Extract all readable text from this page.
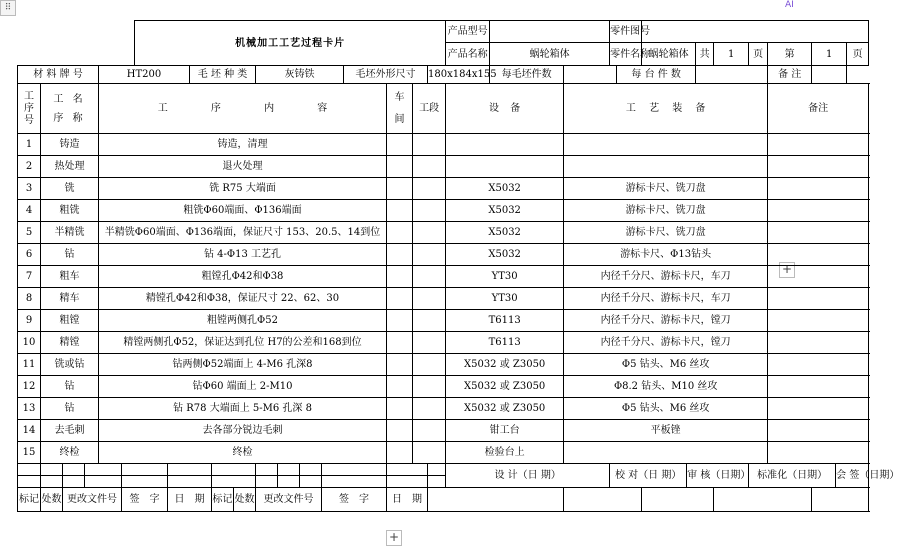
⠿	AI
+
+
						机械加工工艺过程卡片													产品型号			零件图号										
																			产品名称	蜗轮箱体		零件名称		蜗轮箱体		共	1	页	第	1		页
材 料 牌 号				HT200				毛 坯 种 类			灰铸铁				毛坯外形尺寸			180x184x155		每毛坯件数			每 台 件 数						备 注			
工序号	工 名
序 称			工 序 内 容												车间	工段		设 备		工 艺 装 备								备注			
1	铸造			铸造，清理																												
2	热处理			退火处理																												
3	铣			铣 R75 大端面															X5032		游标卡尺、铣刀盘											
4	粗铣			粗铣Φ60端面、Φ136端面															X5032		游标卡尺、铣刀盘											
5	半精铣			半精铣Φ60端面、Φ136端面，保证尺寸 153、20.5、14到位															X5032		游标卡尺、铣刀盘											
6	钻			钻 4-Φ13 工艺孔															X5032		游标卡尺、Φ13钻头											
7	粗车			粗镗孔Φ42和Φ38															YT30		内径千分尺、游标卡尺，车刀											
8	精车			精镗孔Φ42和Φ38，保证尺寸 22、62、30															YT30		内径千分尺、游标卡尺，车刀											
9	粗镗			粗镗两侧孔Φ52															T6113		内径千分尺、游标卡尺，镗刀											
10	精镗			精镗两侧孔Φ52，保证达到孔位 H7的公差和168到位															T6113		内径千分尺、游标卡尺，镗刀											
11	铣或钻			钻两侧Φ52端面上 4-M6 孔深8															X5032 或 Z3050		Φ5 钻头、M6 丝攻											
12	钻			钻Φ60 端面上 2-M10															X5032 或 Z3050		Φ8.2 钻头、M10 丝攻											
13	钻			钻 R78 大端面上 5-M6 孔深 8															X5032 或 Z3050		Φ5 钻头、M6 丝攻											
14	去毛刺			去各部分锐边毛刺															钳工台		平板锉											
15	终检			终检															检验台上													
																			设 计（日 期）			校 对（日 期）			审 核（日期）			标准化（日期）			会 签（日期）	

标记	处数	更改文件号			签　字		日　期		标记	处数	更改文件号			签　字		日　期																
